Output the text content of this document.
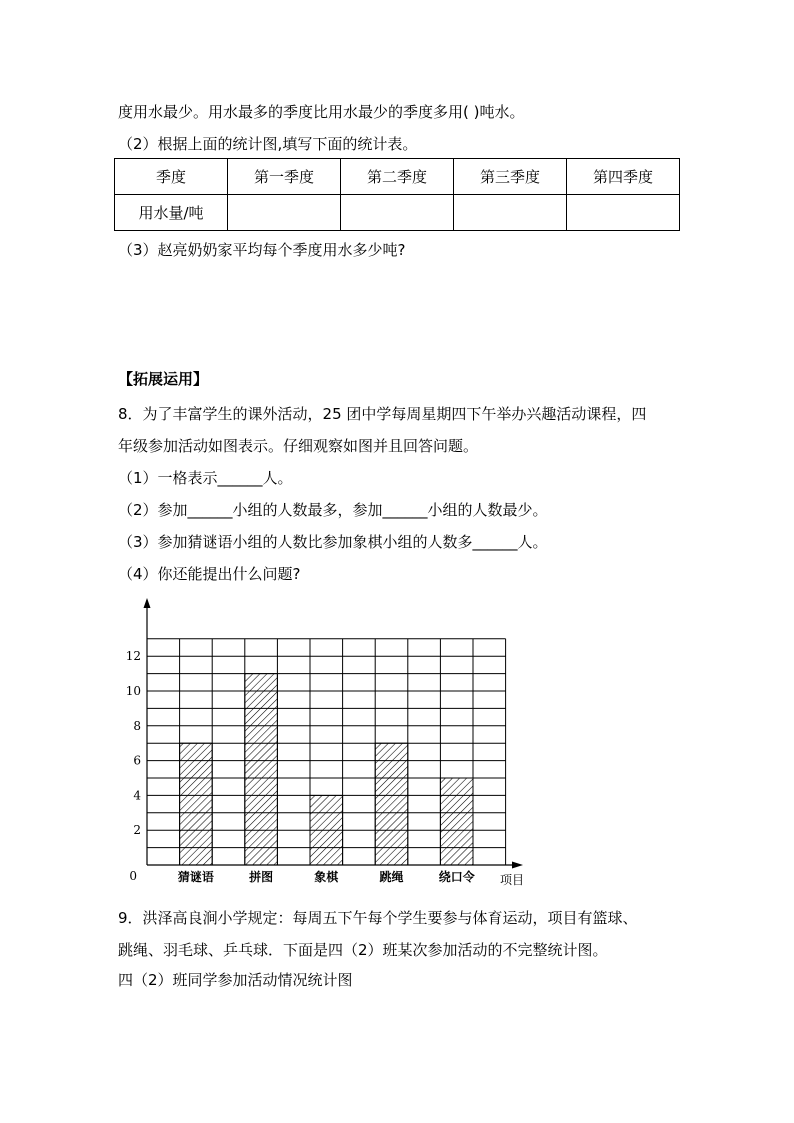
度用水最少。用水最多的季度比用水最少的季度多用( )吨水。
（2）根据上面的统计图,填写下面的统计表。
季度	第一季度	第二季度	第三季度	第四季度
用水量/吨				
（3）赵亮奶奶家平均每个季度用水多少吨?
【拓展运用】
8．为了丰富学生的课外活动，25 团中学每周星期四下午举办兴趣活动课程，四
年级参加活动如图表示。仔细观察如图并且回答问题。
（1）一格表示______人。
（2）参加______小组的人数最多，参加______小组的人数最少。
（3）参加猜谜语小组的人数比参加象棋小组的人数多______人。
（4）你还能提出什么问题?
2
4
6
8
10
12
0	猜谜语	拼图	象棋	跳绳	绕口令 项目
9．洪泽高良涧小学规定：每周五下午每个学生要参与体育运动，项目有篮球、
跳绳、羽毛球、乒乓球．下面是四（2）班某次参加活动的不完整统计图。
四（2）班同学参加活动情况统计图
